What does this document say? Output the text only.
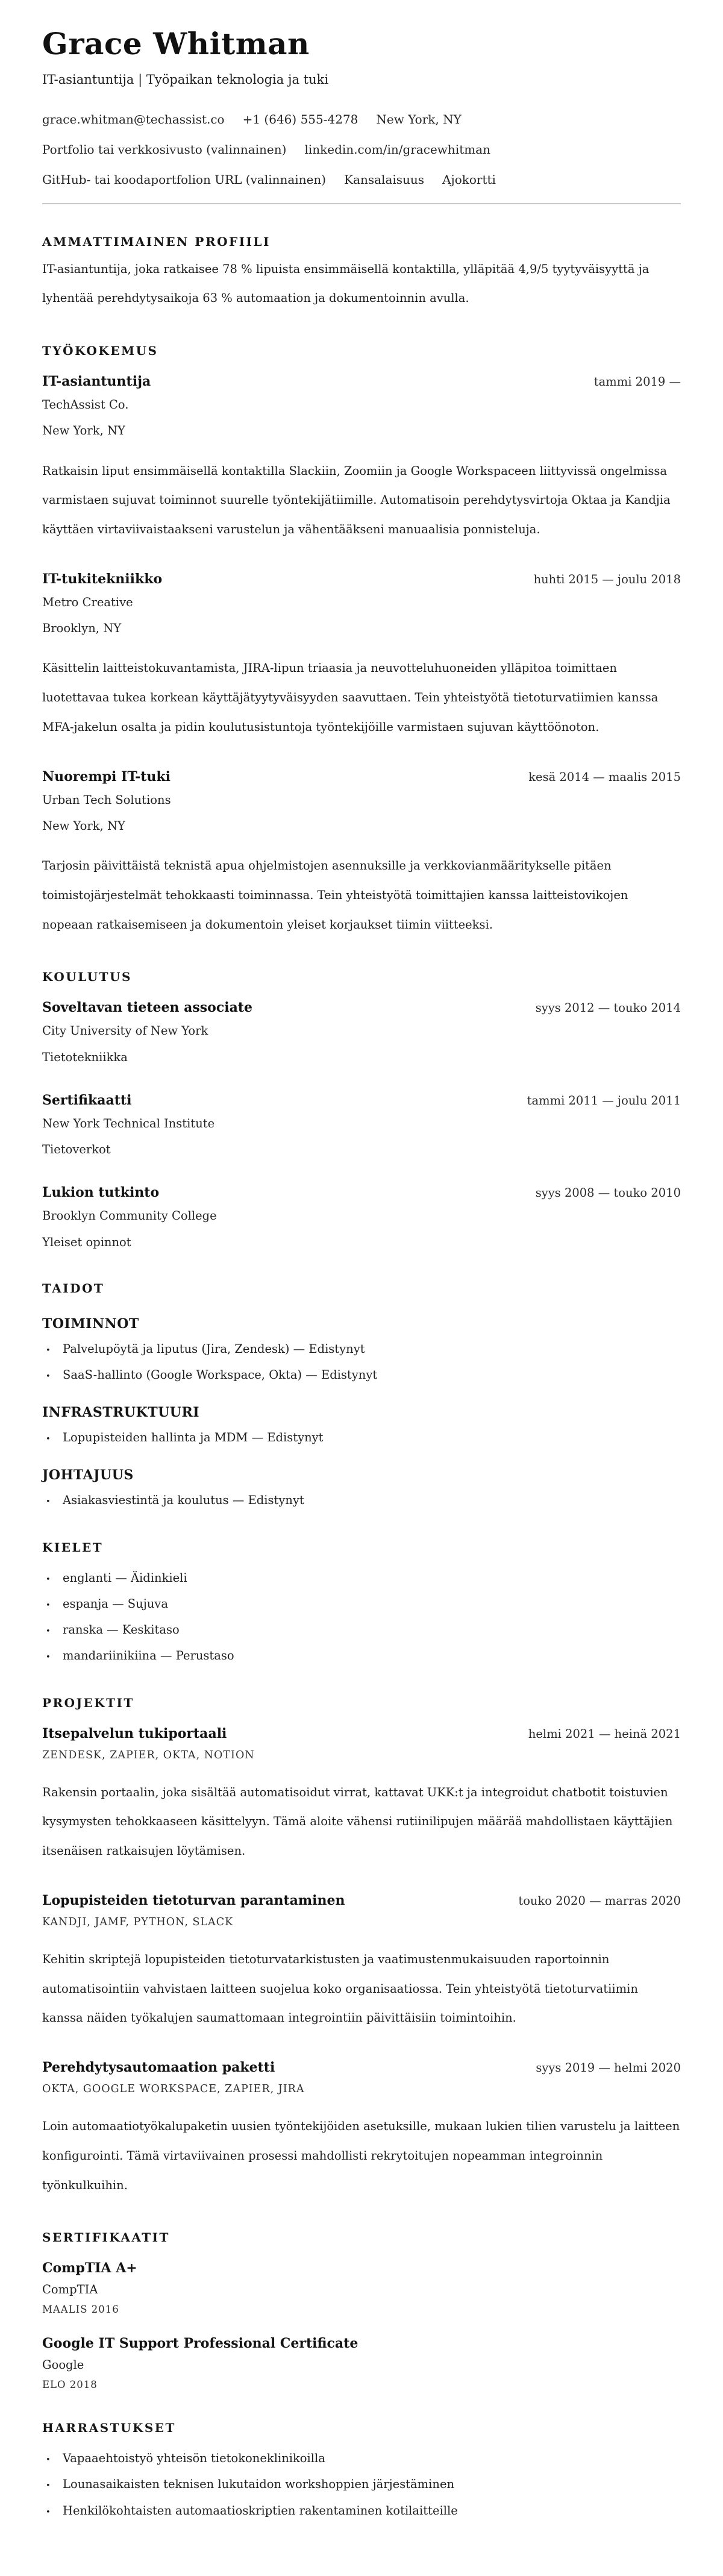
Grace Whitman
IT-asiantuntija | Työpaikan teknologia ja tuki
grace.whitman@techassist.co +1 (646) 555-4278 New York, NY
Portfolio tai verkkosivusto (valinnainen) linkedin.com/in/gracewhitman
GitHub- tai koodaportfolion URL (valinnainen) Kansalaisuus Ajokortti
AMMATTIMAINEN PROFIILI

IT-asiantuntija, joka ratkaisee 78 % lipuista ensimmäisellä kontaktilla, ylläpitää 4,9/5 tyytyväisyyttä ja lyhentää perehdytysaikoja 63 % automaation ja dokumentoinnin avulla.

TYÖKOKEMUS
IT-asiantuntija	tammi 2019 —
TechAssist Co.
New York, NY

Ratkaisin liput ensimmäisellä kontaktilla Slackiin, Zoomiin ja Google Workspaceen liittyvissä ongelmissa varmistaen sujuvat toiminnot suurelle työntekijätiimille. Automatisoin perehdytysvirtoja Oktaa ja Kandjia käyttäen virtaviivaistaakseni varustelun ja vähentääkseni manuaalisia ponnisteluja.

IT-tukitekniikko	huhti 2015 — joulu 2018
Metro Creative
Brooklyn, NY

Käsittelin laitteistokuvantamista, JIRA-lipun triaasia ja neuvotteluhuoneiden ylläpitoa toimittaen luotettavaa tukea korkean käyttäjätyytyväisyyden saavuttaen. Tein yhteistyötä tietoturvatiimien kanssa MFA-jakelun osalta ja pidin koulutusistuntoja työntekijöille varmistaen sujuvan käyttöönoton.

Nuorempi IT-tuki	kesä 2014 — maalis 2015
Urban Tech Solutions
New York, NY

Tarjosin päivittäistä teknistä apua ohjelmistojen asennuksille ja verkkovianmääritykselle pitäen toimistojärjestelmät tehokkaasti toiminnassa. Tein yhteistyötä toimittajien kanssa laitteistovikojen nopeaan ratkaisemiseen ja dokumentoin yleiset korjaukset tiimin viitteeksi.

KOULUTUS
Soveltavan tieteen associate	syys 2012 — touko 2014
City University of New York
Tietotekniikka
Sertifikaatti	tammi 2011 — joulu 2011
New York Technical Institute
Tietoverkot
Lukion tutkinto	syys 2008 — touko 2010
Brooklyn Community College
Yleiset opinnot
TAIDOT
TOIMINNOT
•	Palvelupöytä ja liputus (Jira, Zendesk) — Edistynyt
•	SaaS-hallinto (Google Workspace, Okta) — Edistynyt
INFRASTRUKTUURI
•	Lopupisteiden hallinta ja MDM — Edistynyt
JOHTAJUUS
•	Asiakasviestintä ja koulutus — Edistynyt
KIELET
•	englanti — Äidinkieli
•	espanja — Sujuva
•	ranska — Keskitaso
•	mandariinikiina — Perustaso
PROJEKTIT
Itsepalvelun tukiportaali	helmi 2021 — heinä 2021
ZENDESK, ZAPIER, OKTA, NOTION

Rakensin portaalin, joka sisältää automatisoidut virrat, kattavat UKK:t ja integroidut chatbotit toistuvien kysymysten tehokkaaseen käsittelyyn. Tämä aloite vähensi rutiinilipujen määrää mahdollistaen käyttäjien itsenäisen ratkaisujen löytämisen.

Lopupisteiden tietoturvan parantaminen	touko 2020 — marras 2020
KANDJI, JAMF, PYTHON, SLACK

Kehitin skriptejä lopupisteiden tietoturvatarkistusten ja vaatimustenmukaisuuden raportoinnin automatisointiin vahvistaen laitteen suojelua koko organisaatiossa. Tein yhteistyötä tietoturvatiimin kanssa näiden työkalujen saumattomaan integrointiin päivittäisiin toimintoihin.

Perehdytysautomaation paketti	syys 2019 — helmi 2020
OKTA, GOOGLE WORKSPACE, ZAPIER, JIRA

Loin automaatiotyökalupaketin uusien työntekijöiden asetuksille, mukaan lukien tilien varustelu ja laitteen konfigurointi. Tämä virtaviivainen prosessi mahdollisti rekrytoitujen nopeamman integroinnin työnkulkuihin.

SERTIFIKAATIT
CompTIA A+
CompTIA
MAALIS 2016
Google IT Support Professional Certificate
Google
ELO 2018
HARRASTUKSET
•	Vapaaehtoistyö yhteisön tietokoneklinikoilla
•	Lounasaikaisten teknisen lukutaidon workshoppien järjestäminen
•	Henkilökohtaisten automaatioskriptien rakentaminen kotilaitteille
